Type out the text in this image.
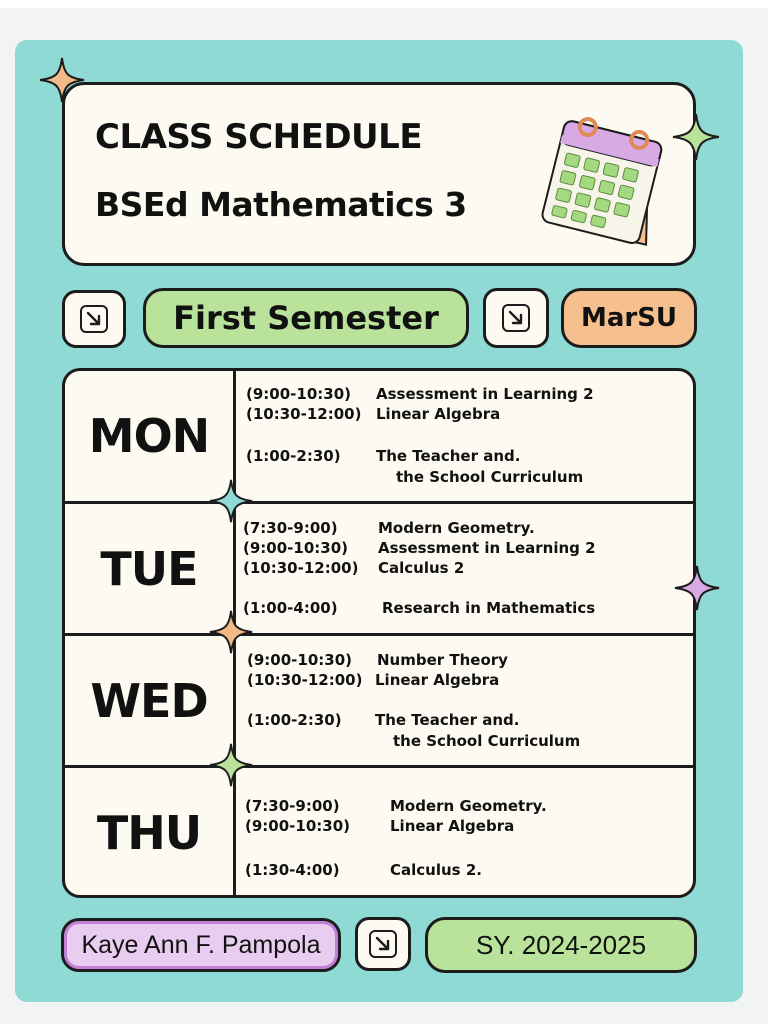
CLASS SCHEDULE
BSEd Mathematics 3
First Semester	MarSU
MON
(9:00-10:30) Assessment in Learning 2
(10:30-12:00) Linear Algebra
(1:00-2:30) The Teacher and.
the School Curriculum
TUE
(7:30-9:00)	Modern Geometry.
(9:00-10:30) Assessment in Learning 2
(10:30-12:00) Calculus 2
(1:00-4:00)	Research in Mathematics
WED
(9:00-10:30) Number Theory
(10:30-12:00) Linear Algebra
(1:00-2:30) The Teacher and.
the School Curriculum
THU	(7:30-9:00)	Modern Geometry.
(9:00-10:30)	Linear Algebra
(1:30-4:00)	Calculus 2.
Kaye Ann F. Pampola	SY. 2024-2025
